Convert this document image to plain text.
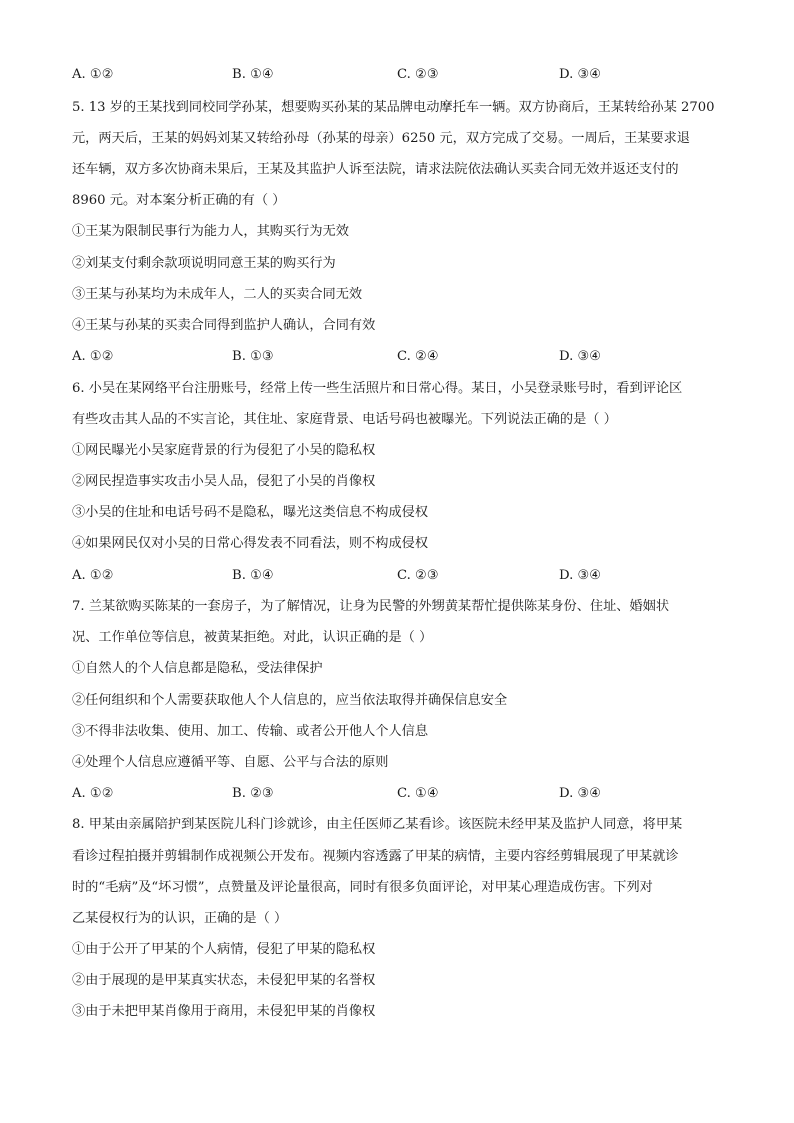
A. ①②	B. ①④	C. ②③	D. ③④
5. 13 岁的王某找到同校同学孙某，想要购买孙某的某品牌电动摩托车一辆。双方协商后，王某转给孙某 2700
元，两天后，王某的妈妈刘某又转给孙母（孙某的母亲）6250 元，双方完成了交易。一周后，王某要求退
还车辆，双方多次协商未果后，王某及其监护人诉至法院，请求法院依法确认买卖合同无效并返还支付的
8960 元。对本案分析正确的有（ ）
①王某为限制民事行为能力人，其购买行为无效
②刘某支付剩余款项说明同意王某的购买行为
③王某与孙某均为未成年人，二人的买卖合同无效
④王某与孙某的买卖合同得到监护人确认，合同有效
A. ①②	B. ①③	C. ②④	D. ③④
6. 小吴在某网络平台注册账号，经常上传一些生活照片和日常心得。某日，小吴登录账号时，看到评论区
有些攻击其人品的不实言论，其住址、家庭背景、电话号码也被曝光。下列说法正确的是（ ）
①网民曝光小吴家庭背景的行为侵犯了小吴的隐私权
②网民捏造事实攻击小吴人品，侵犯了小吴的肖像权
③小吴的住址和电话号码不是隐私，曝光这类信息不构成侵权
④如果网民仅对小吴的日常心得发表不同看法，则不构成侵权
A. ①②	B. ①④	C. ②③	D. ③④
7. 兰某欲购买陈某的一套房子，为了解情况，让身为民警的外甥黄某帮忙提供陈某身份、住址、婚姻状
况、工作单位等信息，被黄某拒绝。对此，认识正确的是（ ）
①自然人的个人信息都是隐私，受法律保护
②任何组织和个人需要获取他人个人信息的，应当依法取得并确保信息安全
③不得非法收集、使用、加工、传输、或者公开他人个人信息
④处理个人信息应遵循平等、自愿、公平与合法的原则
A. ①②	B. ②③	C. ①④	D. ③④
8. 甲某由亲属陪护到某医院儿科门诊就诊，由主任医师乙某看诊。该医院未经甲某及监护人同意，将甲某
看诊过程拍摄并剪辑制作成视频公开发布。视频内容透露了甲某的病情，主要内容经剪辑展现了甲某就诊
时的“毛病”及“坏习惯”，点赞量及评论量很高，同时有很多负面评论，对甲某心理造成伤害。下列对
乙某侵权行为的认识，正确的是（ ）
①由于公开了甲某的个人病情，侵犯了甲某的隐私权
②由于展现的是甲某真实状态，未侵犯甲某的名誉权
③由于未把甲某肖像用于商用，未侵犯甲某的肖像权
